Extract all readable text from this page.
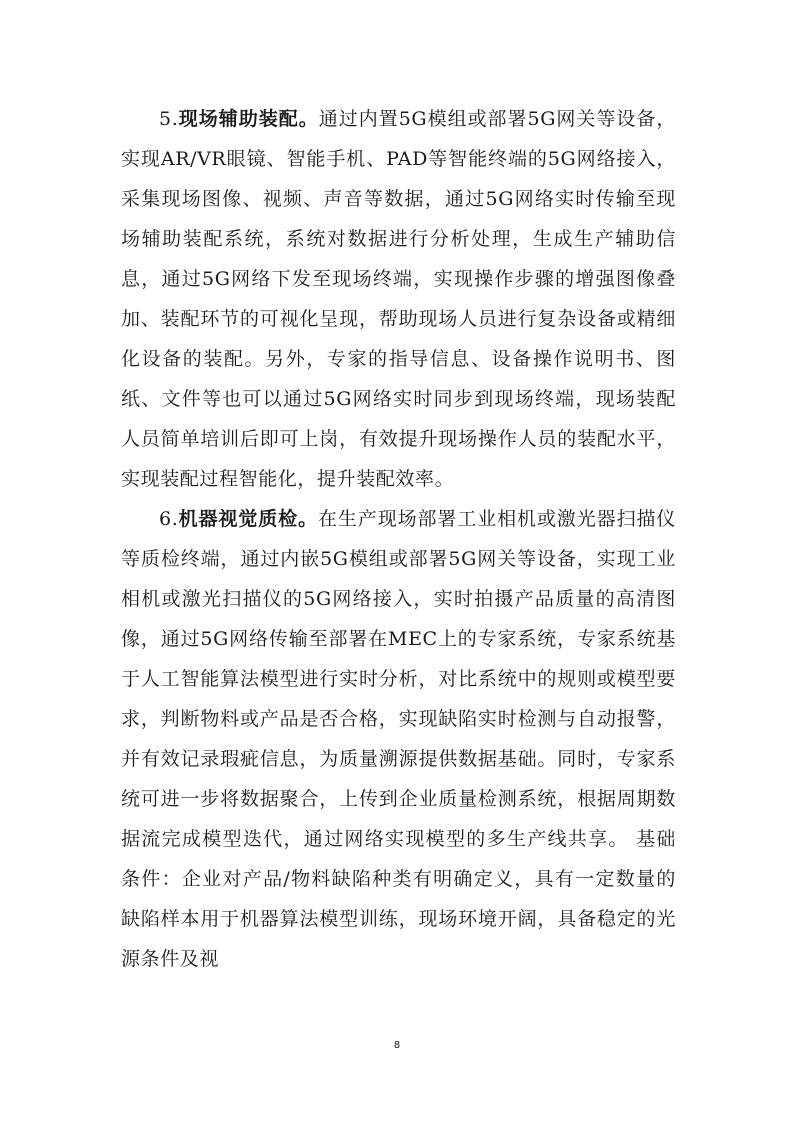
5.现场辅助装配。通过内置5G模组或部署5G网关等设备，实现AR/VR眼镜、智能手机、PAD等智能终端的5G网络接入，采集现场图像、视频、声音等数据，通过5G网络实时传输至现场辅助装配系统，系统对数据进行分析处理，生成生产辅助信息，通过5G网络下发至现场终端，实现操作步骤的增强图像叠加、装配环节的可视化呈现，帮助现场人员进行复杂设备或精细化设备的装配。另外，专家的指导信息、设备操作说明书、图纸、文件等也可以通过5G网络实时同步到现场终端，现场装配人员简单培训后即可上岗，有效提升现场操作人员的装配水平，实现装配过程智能化，提升装配效率。

6.机器视觉质检。在生产现场部署工业相机或激光器扫描仪等质检终端，通过内嵌5G模组或部署5G网关等设备，实现工业相机或激光扫描仪的5G网络接入，实时拍摄产品质量的高清图像，通过5G网络传输至部署在MEC上的专家系统，专家系统基于人工智能算法模型进行实时分析，对比系统中的规则或模型要求，判断物料或产品是否合格，实现缺陷实时检测与自动报警，并有效记录瑕疵信息，为质量溯源提供数据基础。同时，专家系统可进一步将数据聚合，上传到企业质量检测系统，根据周期数据流完成模型迭代，通过网络实现模型的多生产线共享。 基础条件：企业对产品/物料缺陷种类有明确定义，具有一定数量的缺陷样本用于机器算法模型训练，现场环境开阔，具备稳定的光源条件及视

8
